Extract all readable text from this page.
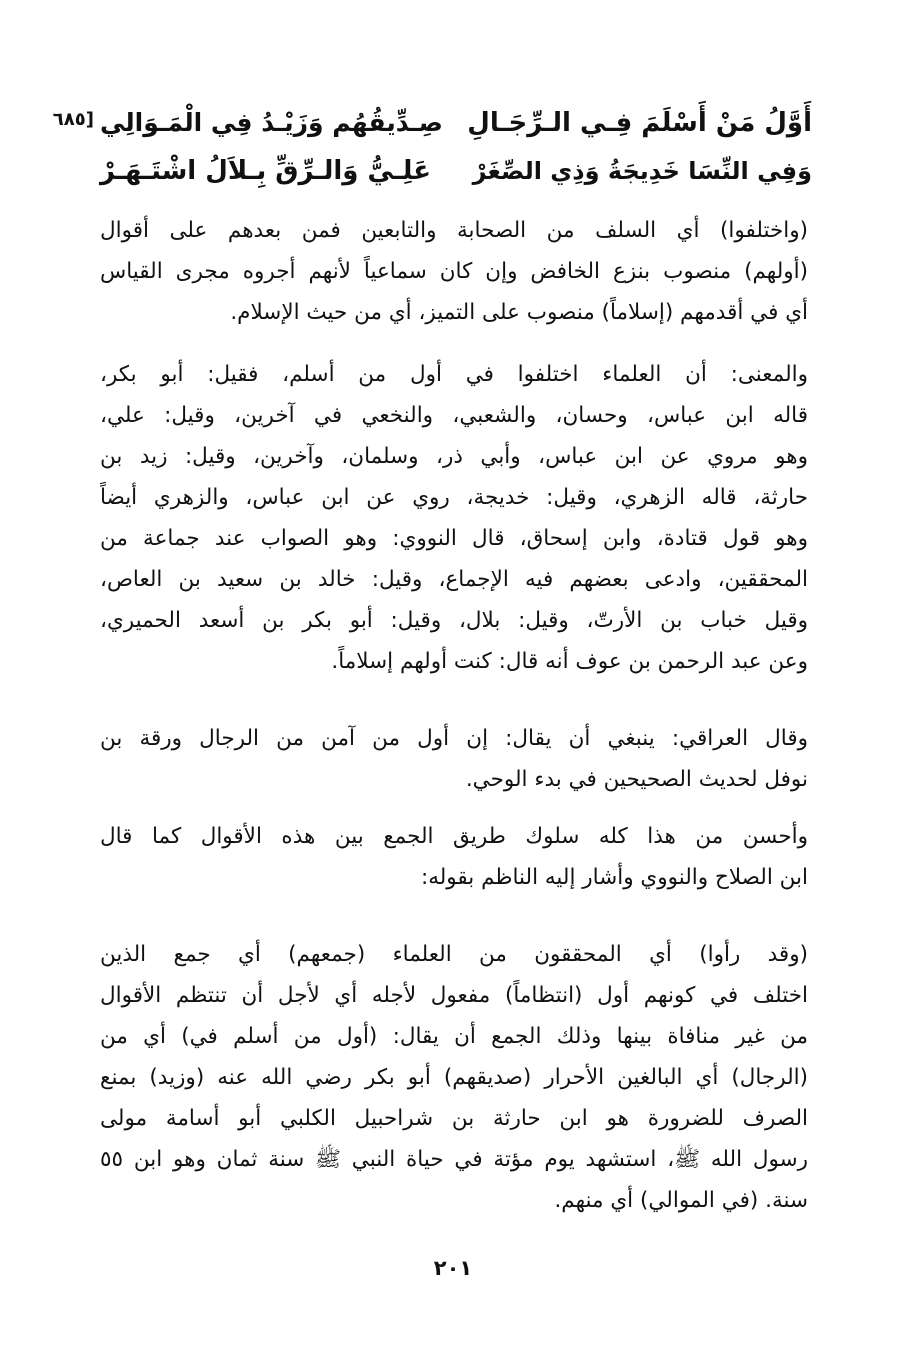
[٦٨٥	أَوَّلُ مَنْ أَسْلَمَ فِـي الـرِّجَـالِ
صِـدِّيقُهُم وَزَيْـدُ فِي الْمَـوَالِي
وَفِي النِّسَا خَدِيجَةُ وَذِي الصِّغَرْ
عَلِـيُّ وَالـرِّقِّ بِـلاَلُ اشْتَـهَـرْ
(واختلفوا) أي السلف من الصحابة والتابعين فمن بعدهم على أقوال
(أولهم) منصوب بنزع الخافض وإن كان سماعياً لأنهم أجروه مجرى القياس
أي في أقدمهم (إسلاماً) منصوب على التميز، أي من حيث الإسلام.
والمعنى: أن العلماء اختلفوا في أول من أسلم، فقيل: أبو بكر،
قاله ابن عباس، وحسان، والشعبي، والنخعي في آخرين، وقيل: علي،
وهو مروي عن ابن عباس، وأبي ذر، وسلمان، وآخرين، وقيل: زيد بن
حارثة، قاله الزهري، وقيل: خديجة، روي عن ابن عباس، والزهري أيضاً
وهو قول قتادة، وابن إسحاق، قال النووي: وهو الصواب عند جماعة من
المحققين، وادعى بعضهم فيه الإجماع، وقيل: خالد بن سعيد بن العاص،
وقيل خباب بن الأرتّ، وقيل: بلال، وقيل: أبو بكر بن أسعد الحميري،
وعن عبد الرحمن بن عوف أنه قال: كنت أولهم إسلاماً.
وقال العراقي: ينبغي أن يقال: إن أول من آمن من الرجال ورقة بن
نوفل لحديث الصحيحين في بدء الوحي.
وأحسن من هذا كله سلوك طريق الجمع بين هذه الأقوال كما قال
ابن الصلاح والنووي وأشار إليه الناظم بقوله:
(وقد رأوا) أي المحققون من العلماء (جمعهم) أي جمع الذين
اختلف في كونهم أول (انتظاماً) مفعول لأجله أي لأجل أن تنتظم الأقوال
من غير منافاة بينها وذلك الجمع أن يقال: (أول من أسلم في) أي من
(الرجال) أي البالغين الأحرار (صديقهم) أبو بكر رضي الله عنه (وزيد) بمنع
الصرف للضرورة هو ابن حارثة بن شراحبيل الكلبي أبو أسامة مولى
رسول الله ﷺ، استشهد يوم مؤتة في حياة النبي ﷺ سنة ثمان وهو ابن ٥٥
سنة. (في الموالي) أي منهم.
٢٠١
